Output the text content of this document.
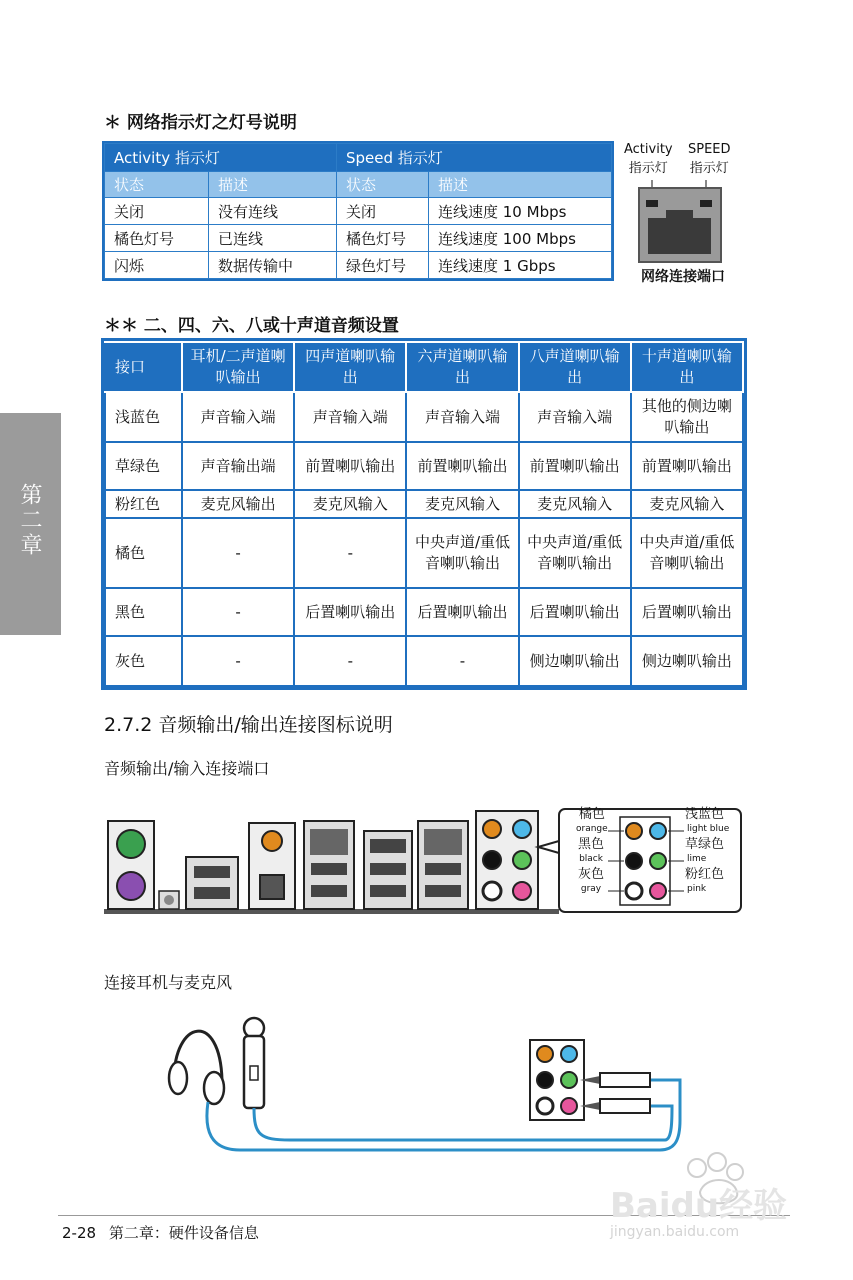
第二章
＊ 网络指示灯之灯号说明
Activity 指示灯		Speed 指示灯	
状态	描述	状态	描述
关闭	没有连线	关闭	连线速度 10 Mbps
橘色灯号	已连线	橘色灯号	连线速度 100 Mbps
闪烁	数据传输中	绿色灯号	连线速度 1 Gbps
Activity
指示灯
SPEED
指示灯
网络连接端口
＊＊ 二、四、六、八或十声道音频设置
接口	耳机/二声道喇叭输出	四声道喇叭输出	六声道喇叭输出	八声道喇叭输出	十声道喇叭输出

浅蓝色	声音输入端	声音输入端	声音输入端	声音输入端	其他的侧边喇叭输出

草绿色	声音输出端	前置喇叭输出	前置喇叭输出	前置喇叭输出	前置喇叭输出

粉红色	麦克风输出	麦克风输入	麦克风输入	麦克风输入	麦克风输入
橘色	-	-	中央声道/重低音喇叭输出	中央声道/重低音喇叭输出	中央声道/重低音喇叭输出

黑色	-	后置喇叭输出	后置喇叭输出	后置喇叭输出	后置喇叭输出

灰色	-	-	-	侧边喇叭输出	侧边喇叭输出
2.7.2 音频输出/输出连接图标说明
音频输出/输入连接端口
橘色
orange
黑色
black
灰色
gray
浅蓝色
light blue
草绿色
lime
粉红色
pink
连接耳机与麦克风
2-28 第二章：硬件设备信息
Baidu经验
jingyan.baidu.com
